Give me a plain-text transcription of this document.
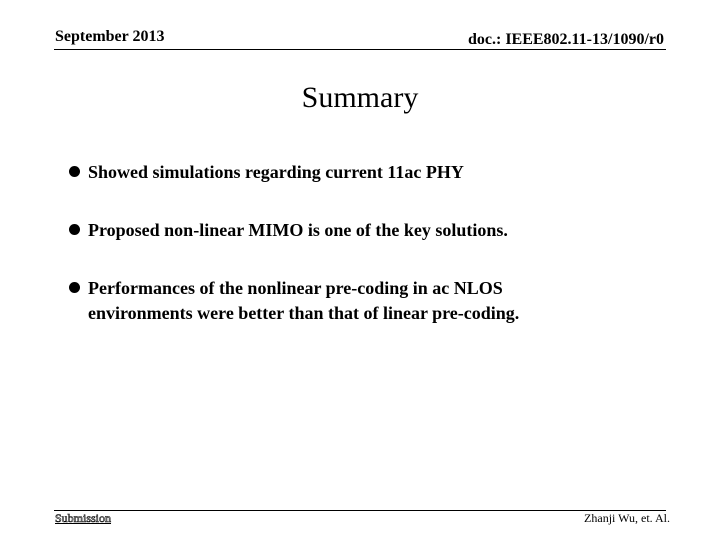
September 2013	doc.: IEEE802.11-13/1090/r0
Summary
Showed simulations regarding current 11ac PHY
Proposed non-linear MIMO is one of the key solutions.
Performances of the nonlinear pre-coding in ac NLOS environments were better than that of linear pre-coding.
Submission	Zhanji Wu, et. Al.
